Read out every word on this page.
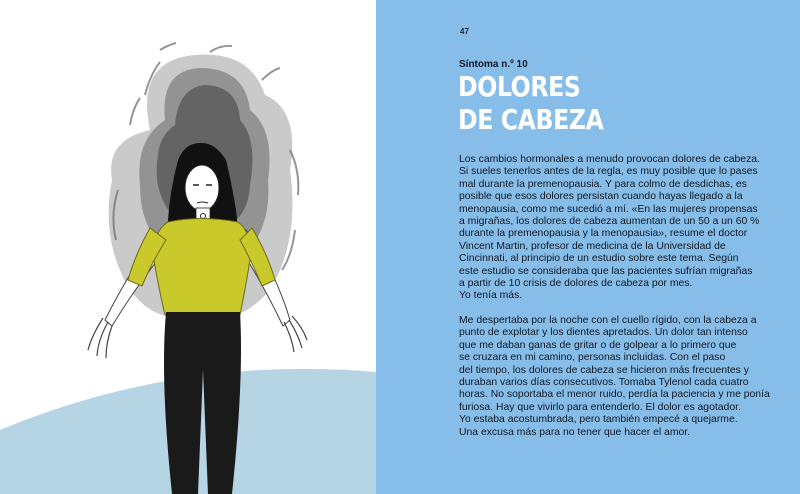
47
Síntoma n.º 10
DOLORES
DE CABEZA
Los cambios hormonales a menudo provocan dolores de cabeza.
Si sueles tenerlos antes de la regla, es muy posible que lo pases
mal durante la premenopausia. Y para colmo de desdichas, es
posible que esos dolores persistan cuando hayas llegado a la
menopausia, como me sucedió a mí. «En las mujeres propensas
a migrañas, los dolores de cabeza aumentan de un 50 a un 60 %
durante la premenopausia y la menopausia», resume el doctor
Vincent Martin, profesor de medicina de la Universidad de
Cincinnati, al principio de un estudio sobre este tema. Según
este estudio se consideraba que las pacientes sufrían migrañas
a partir de 10 crisis de dolores de cabeza por mes.
Yo tenía más.
Me despertaba por la noche con el cuello rígido, con la cabeza a
punto de explotar y los dientes apretados. Un dolor tan intenso
que me daban ganas de gritar o de golpear a lo primero que
se cruzara en mi camino, personas incluidas. Con el paso
del tiempo, los dolores de cabeza se hicieron más frecuentes y
duraban varios días consecutivos. Tomaba Tylenol cada cuatro
horas. No soportaba el menor ruido, perdía la paciencia y me ponía
furiosa. Hay que vivirlo para entenderlo. El dolor es agotador.
Yo estaba acostumbrada, pero también empecé a quejarme.
Una excusa más para no tener que hacer el amor.
